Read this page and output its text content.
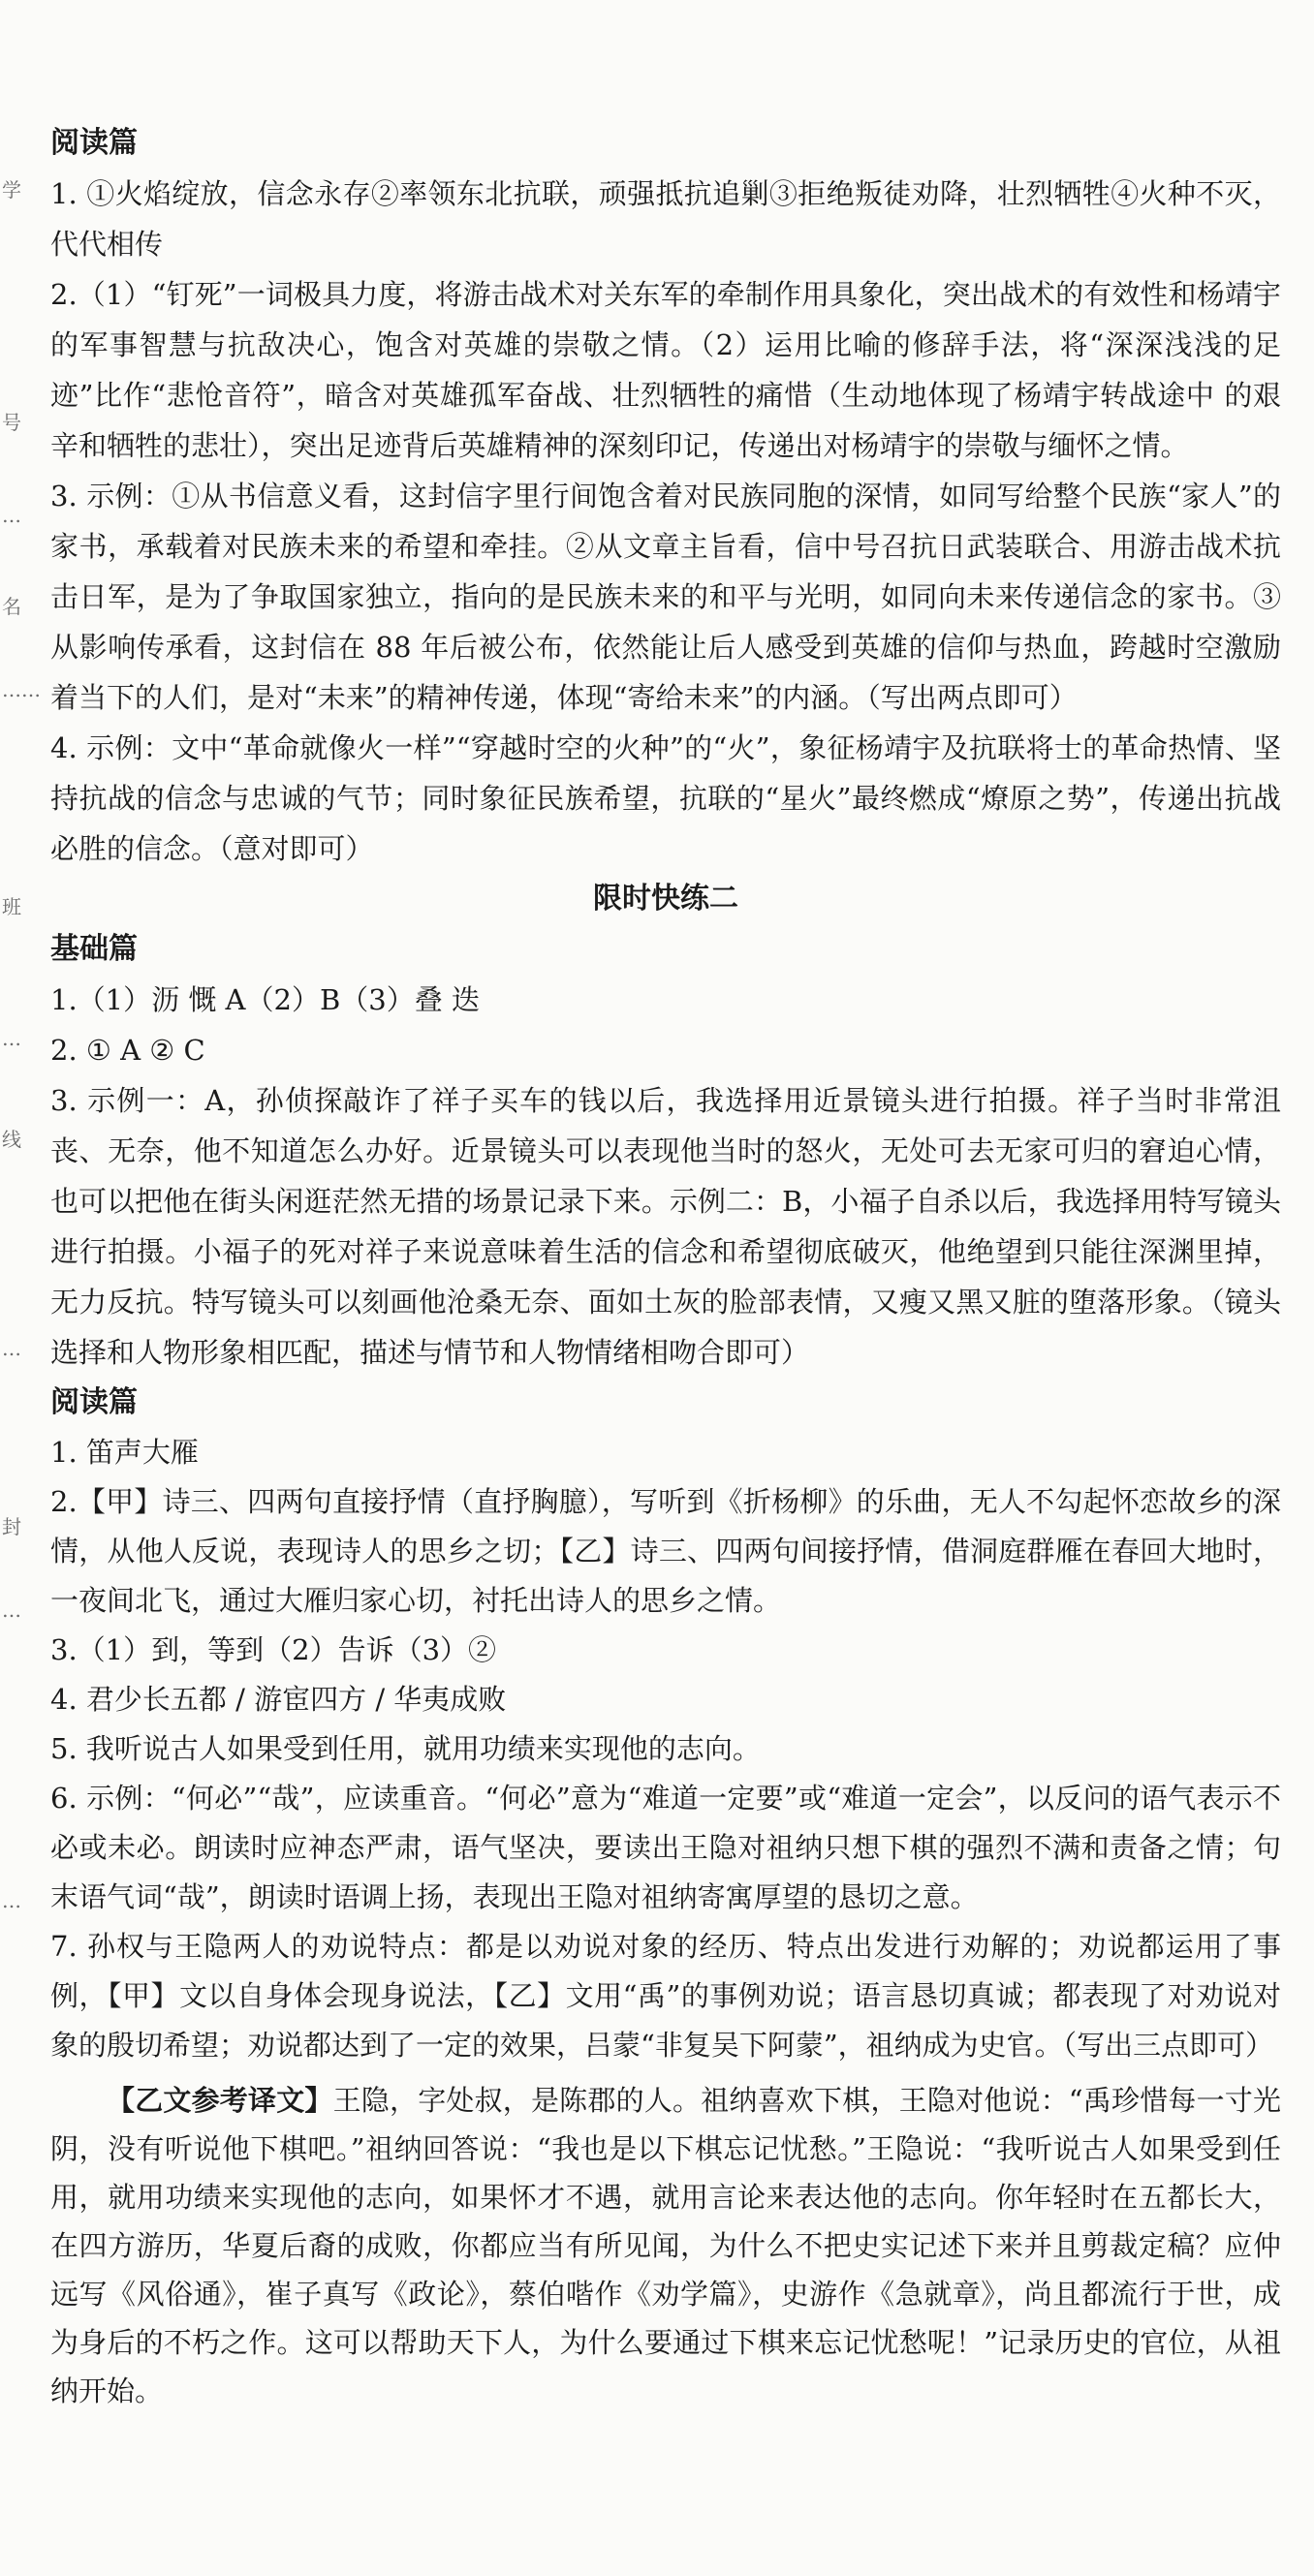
学
号
…
名
……
班
…
线
…
封
…
…
阅读篇
1. ①火焰绽放，信念永存②率领东北抗联，顽强抵抗追剿③拒绝叛徒劝降，壮烈牺牲④火种不灭，代代相传
2.（1）“钉死”一词极具力度，将游击战术对关东军的牵制作用具象化，突出战术的有效性和杨靖宇的军事智慧与抗敌决心，饱含对英雄的崇敬之情。（2）运用比喻的修辞手法，将“深深浅浅的足迹”比作“悲怆音符”，暗含对英雄孤军奋战、壮烈牺牲的痛惜（生动地体现了杨靖宇转战途中 的艰辛和牺牲的悲壮），突出足迹背后英雄精神的深刻印记，传递出对杨靖宇的崇敬与缅怀之情。
3. 示例：①从书信意义看，这封信字里行间饱含着对民族同胞的深情，如同写给整个民族“家人”的家书，承载着对民族未来的希望和牵挂。②从文章主旨看，信中号召抗日武装联合、用游击战术抗击日军，是为了争取国家独立，指向的是民族未来的和平与光明，如同向未来传递信念的家书。③从影响传承看，这封信在 88 年后被公布，依然能让后人感受到英雄的信仰与热血，跨越时空激励着当下的人们，是对“未来”的精神传递，体现“寄给未来”的内涵。（写出两点即可）
4. 示例：文中“革命就像火一样”“穿越时空的火种”的“火”，象征杨靖宇及抗联将士的革命热情、坚持抗战的信念与忠诚的气节；同时象征民族希望，抗联的“星火”最终燃成“燎原之势”，传递出抗战必胜的信念。（意对即可）
限时快练二
基础篇
1.（1）沥 慨 A（2）B（3）叠 迭
2. ① A ② C
3. 示例一：A，孙侦探敲诈了祥子买车的钱以后，我选择用近景镜头进行拍摄。祥子当时非常沮丧、无奈，他不知道怎么办好。近景镜头可以表现他当时的怒火，无处可去无家可归的窘迫心情，也可以把他在街头闲逛茫然无措的场景记录下来。示例二：B，小福子自杀以后，我选择用特写镜头进行拍摄。小福子的死对祥子来说意味着生活的信念和希望彻底破灭，他绝望到只能往深渊里掉，无力反抗。特写镜头可以刻画他沧桑无奈、面如土灰的脸部表情，又瘦又黑又脏的堕落形象。（镜头选择和人物形象相匹配，描述与情节和人物情绪相吻合即可）
阅读篇
1. 笛声大雁
2.【甲】诗三、四两句直接抒情（直抒胸臆），写听到《折杨柳》的乐曲，无人不勾起怀恋故乡的深情，从他人反说，表现诗人的思乡之切；【乙】诗三、四两句间接抒情，借洞庭群雁在春回大地时，一夜间北飞，通过大雁归家心切，衬托出诗人的思乡之情。
3.（1）到，等到（2）告诉（3）②
4. 君少长五都 / 游宦四方 / 华夷成败
5. 我听说古人如果受到任用，就用功绩来实现他的志向。
6. 示例：“何必”“哉”，应读重音。“何必”意为“难道一定要”或“难道一定会”，以反问的语气表示不必或未必。朗读时应神态严肃，语气坚决，要读出王隐对祖纳只想下棋的强烈不满和责备之情；句末语气词“哉”，朗读时语调上扬，表现出王隐对祖纳寄寓厚望的恳切之意。
7. 孙权与王隐两人的劝说特点：都是以劝说对象的经历、特点出发进行劝解的；劝说都运用了事例，【甲】文以自身体会现身说法，【乙】文用“禹”的事例劝说；语言恳切真诚；都表现了对劝说对象的殷切希望；劝说都达到了一定的效果，吕蒙“非复吴下阿蒙”，祖纳成为史官。（写出三点即可）
【乙文参考译文】王隐，字处叔，是陈郡的人。祖纳喜欢下棋，王隐对他说：“禹珍惜每一寸光阴，没有听说他下棋吧。”祖纳回答说：“我也是以下棋忘记忧愁。”王隐说：“我听说古人如果受到任用，就用功绩来实现他的志向，如果怀才不遇，就用言论来表达他的志向。你年轻时在五都长大，在四方游历，华夏后裔的成败，你都应当有所见闻，为什么不把史实记述下来并且剪裁定稿？应仲远写《风俗通》，崔子真写《政论》，蔡伯喈作《劝学篇》，史游作《急就章》，尚且都流行于世，成为身后的不朽之作。这可以帮助天下人，为什么要通过下棋来忘记忧愁呢！”记录历史的官位，从祖纳开始。
